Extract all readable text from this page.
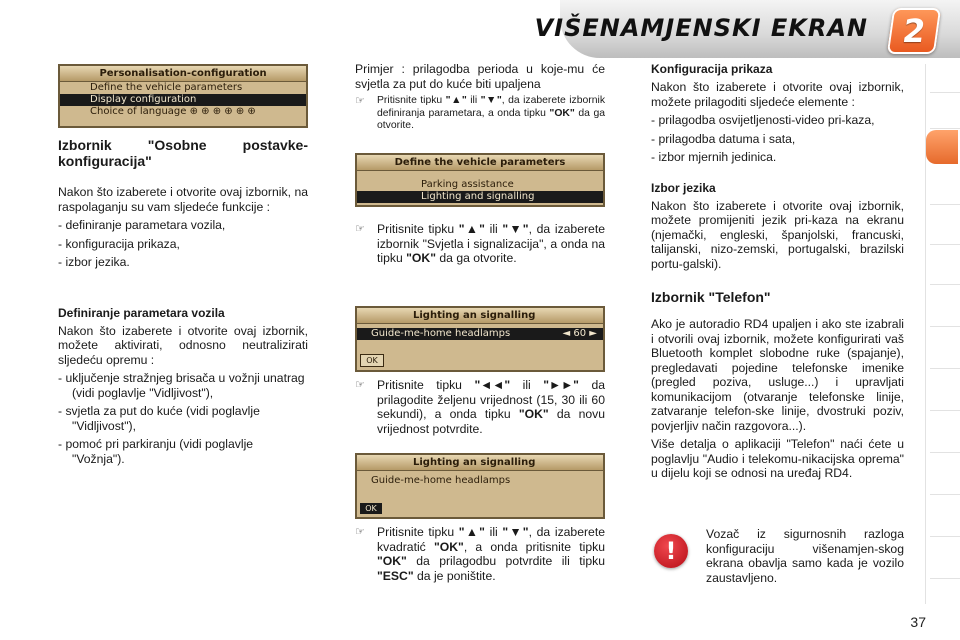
VIŠENAMJENSKI EKRAN	2
Personalisation-configuration
Define the vehicle parameters
Display configuration
Choice of language ⊕ ⊕ ⊕ ⊕ ⊕ ⊕

Izbornik "Osobne postavke-konfiguracija"

Nakon što izaberete i otvorite ovaj izbornik, na raspolaganju su vam sljedeće funkcije :

- definiranje parametara vozila,

- konfiguracija prikaza,

- izbor jezika.

Definiranje parametara vozila

Nakon što izaberete i otvorite ovaj izbornik, možete aktivirati, odnosno neutralizirati sljedeću opremu :

- uključenje stražnjeg brisača u vožnji unatrag (vidi poglavlje "Vidljivost"),

- svjetla za put do kuće (vidi poglavlje "Vidljivost"),

- pomoć pri parkiranju (vidi poglavlje "Vožnja").

Primjer : prilagodba perioda u koje-mu će svjetla za put do kuće biti upaljena

☞	Pritisnite tipku "▲" ili "▼", da izaberete izbornik definiranja parametara, a onda tipku "OK" da ga otvorite.
Define the vehicle parameters
Parking assistance
Lighting and signalling
☞ Pritisnite tipku "▲" ili "▼", da izaberete izbornik "Svjetla i signalizacija", a onda na tipku "OK" da ga otvorite.
Lighting an signalling
Guide-me-home headlamps	◄ 60 ►
OK
☞ Pritisnite tipku "◄◄" ili "►►" da prilagodite željenu vrijednost (15, 30 ili 60 sekundi), a onda tipku "OK" da novu vrijednost potvrdite.
Lighting an signalling
Guide-me-home headlamps
OK
☞ Pritisnite tipku "▲" ili "▼", da izaberete kvadratić "OK", a onda pritisnite tipku "OK" da prilagodbu potvrdite ili tipku "ESC" da je poništite.

Konfiguracija prikaza

Nakon što izaberete i otvorite ovaj izbornik, možete prilagoditi sljedeće elemente :

- prilagodba osvijetljenosti-video pri-kaza,

- prilagodba datuma i sata,

- izbor mjernih jedinica.

Izbor jezika

Nakon što izaberete i otvorite ovaj izbornik, možete promijeniti jezik pri-kaza na ekranu (njemački, engleski, španjolski, francuski, talijanski, nizo-zemski, portugalski, brazilski portu-galski).

Izbornik "Telefon"

Ako je autoradio RD4 upaljen i ako ste izabrali i otvorili ovaj izbornik, možete konfigurirati vaš Bluetooth komplet slobodne ruke (spajanje), pregledavati pojedine telefonske imenike (pregled poziva, usluge...) i upravljati komunikacijom (otvaranje telefonske linije, zatvaranje telefon-ske linije, dvostruki poziv, povjerljiv način razgovora...).

Više detalja o aplikaciji "Telefon" naći ćete u poglavlju "Audio i telekomu-nikacijska oprema" u dijelu koji se odnosi na uređaj RD4.

!

Vozač iz sigurnosnih razloga konfiguraciju višenamjen-skog ekrana obavlja samo kada je vozilo zaustavljeno.

37
